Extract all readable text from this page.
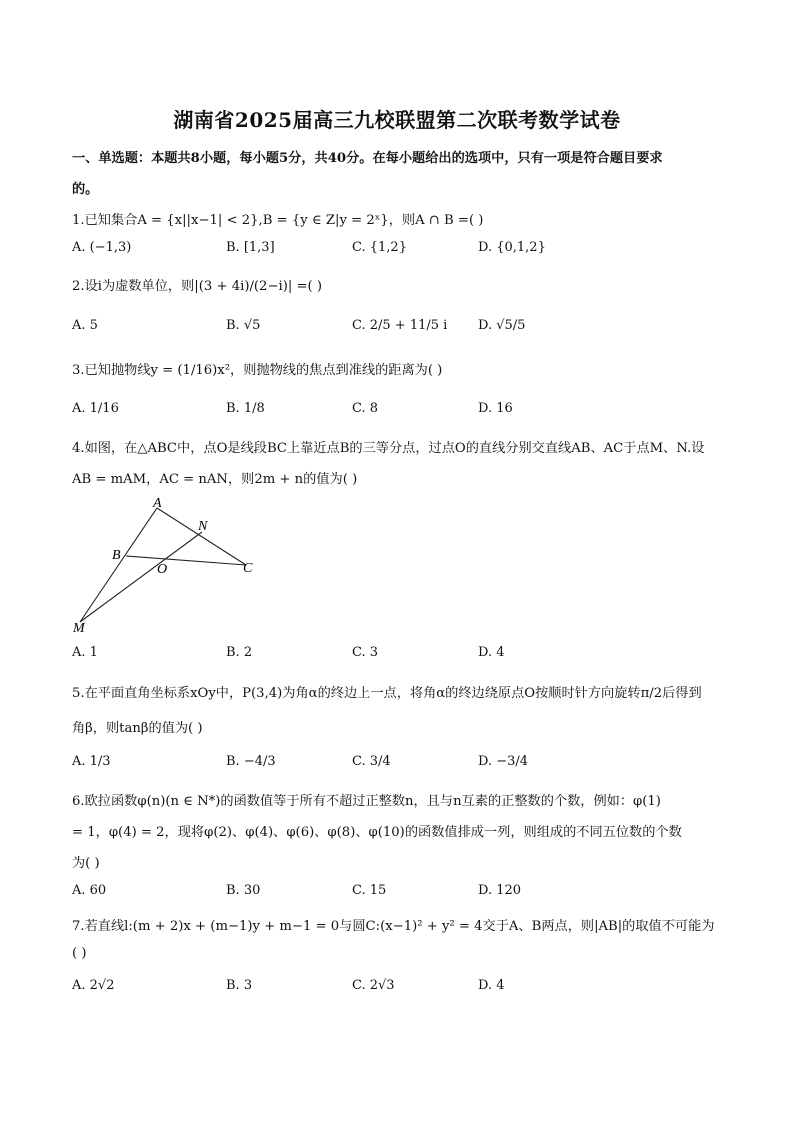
湖南省2025届高三九校联盟第二次联考数学试卷
一、单选题：本题共8小题，每小题5分，共40分。在每小题给出的选项中，只有一项是符合题目要求
的。
1.已知集合A = {x||x−1| < 2},B = {y ∈ Z|y = 2ˣ}，则A ∩ B =( )
A. (−1,3)	B. [1,3]	C. {1,2}	D. {0,1,2}
2.设i为虚数单位，则|(3 + 4i)/(2−i)| =( )
A. 5	B. √5	C. 2/5 + 11/5 i D. √5/5
3.已知抛物线y = (1/16)x²，则抛物线的焦点到准线的距离为( )
A. 1/16	B. 1/8	C. 8	D. 16
4.如图，在△ABC中，点O是线段BC上靠近点B的三等分点，过点O的直线分别交直线AB、AC于点M、N.设
AB = mAM，AC = nAN，则2m + n的值为( )
A
N
B
O	C
M
A. 1	B. 2	C. 3	D. 4
5.在平面直角坐标系xOy中，P(3,4)为角α的终边上一点，将角α的终边绕原点O按顺时针方向旋转π/2后得到
角β，则tanβ的值为( )
A. 1/3	B. −4/3	C. 3/4	D. −3/4
6.欧拉函数φ(n)(n ∈ N*)的函数值等于所有不超过正整数n，且与n互素的正整数的个数，例如：φ(1)
= 1，φ(4) = 2，现将φ(2)、φ(4)、φ(6)、φ(8)、φ(10)的函数值排成一列，则组成的不同五位数的个数
为( )
A. 60	B. 30	C. 15	D. 120
7.若直线l:(m + 2)x + (m−1)y + m−1 = 0与圆C:(x−1)² + y² = 4交于A、B两点，则|AB|的取值不可能为
( )
A. 2√2	B. 3	C. 2√3	D. 4
